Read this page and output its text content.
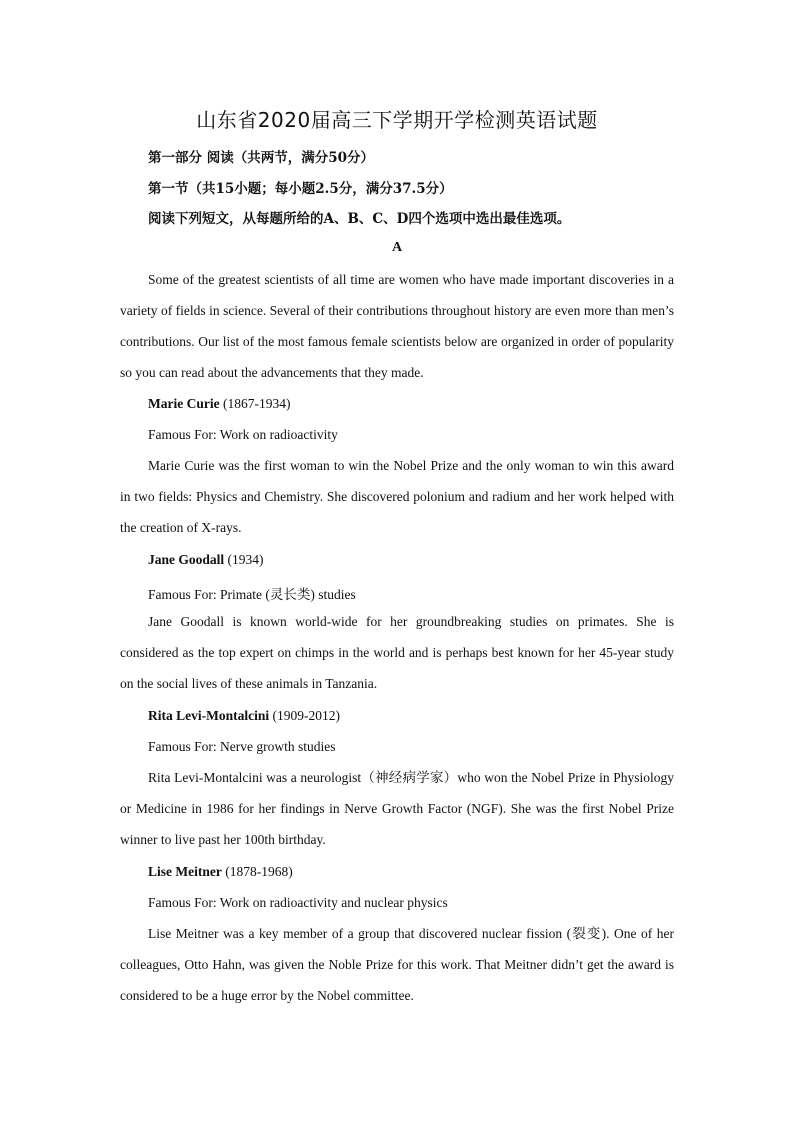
山东省2020届高三下学期开学检测英语试题
第一部分 阅读（共两节，满分50分）
第一节（共15小题；每小题2.5分，满分37.5分）
阅读下列短文，从每题所给的A、B、C、D四个选项中选出最佳选项。
A

Some of the greatest scientists of all time are women who have made important discoveries in a variety of fields in science. Several of their contributions throughout history are even more than men’s contributions. Our list of the most famous female scientists below are organized in order of popularity so you can read about the advancements that they made.

Marie Curie (1867-1934)
Famous For: Work on radioactivity

Marie Curie was the first woman to win the Nobel Prize and the only woman to win this award in two fields: Physics and Chemistry. She discovered polonium and radium and her work helped with the creation of X-rays.

Jane Goodall (1934)
Famous For: Primate (灵长类) studies

Jane Goodall is known world-wide for her groundbreaking studies on primates. She is considered as the top expert on chimps in the world and is perhaps best known for her 45-year study on the social lives of these animals in Tanzania.

Rita Levi-Montalcini (1909-2012)
Famous For: Nerve growth studies

Rita Levi-Montalcini was a neurologist（神经病学家）who won the Nobel Prize in Physiology or Medicine in 1986 for her findings in Nerve Growth Factor (NGF). She was the first Nobel Prize winner to live past her 100th birthday.

Lise Meitner (1878-1968)
Famous For: Work on radioactivity and nuclear physics

Lise Meitner was a key member of a group that discovered nuclear fission (裂变). One of her colleagues, Otto Hahn, was given the Noble Prize for this work. That Meitner didn’t get the award is considered to be a huge error by the Nobel committee.
